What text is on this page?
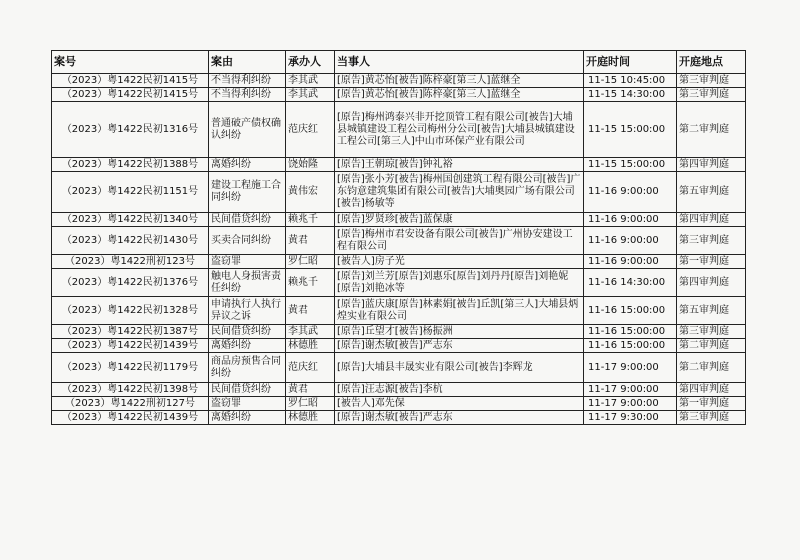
案号	案由	承办人	当事人	开庭时间	开庭地点
（2023）粤1422民初1415号	不当得利纠纷	李其武	[原告]黄芯怡[被告]陈梓豪[第三人]蓝继全	11-15 10:45:00	第三审判庭
（2023）粤1422民初1415号	不当得利纠纷	李其武	[原告]黄芯怡[被告]陈梓豪[第三人]蓝继全	11-15 14:30:00	第三审判庭
（2023）粤1422民初1316号	普通破产债权确认纠纷	范庆红	[原告]梅州鸿泰兴非开挖顶管工程有限公司[被告]大埔县城镇建设工程公司梅州分公司[被告]大埔县城镇建设工程公司[第三人]中山市环保产业有限公司	11-15 15:00:00	第二审判庭
（2023）粤1422民初1388号	离婚纠纷	饶始隆	[原告]王朝琼[被告]钟礼裕	11-15 15:00:00	第四审判庭
（2023）粤1422民初1151号	建设工程施工合同纠纷	黄伟宏	[原告]张小芳[被告]梅州国创建筑工程有限公司[被告]广东钧意建筑集团有限公司[被告]大埔奥园广场有限公司[被告]杨敏等	11-16 9:00:00	第五审判庭
（2023）粤1422民初1340号	民间借贷纠纷	赖兆千	[原告]罗贤珍[被告]蓝保康	11-16 9:00:00	第四审判庭
（2023）粤1422民初1430号	买卖合同纠纷	黄君	[原告]梅州市君安设备有限公司[被告]广州协安建设工程有限公司	11-16 9:00:00	第三审判庭
（2023）粤1422刑初123号	盗窃罪	罗仁昭	[被告人]房子光	11-16 9:00:00	第一审判庭
（2023）粤1422民初1376号	触电人身损害责任纠纷	赖兆千	[原告]刘兰芳[原告]刘惠乐[原告]刘丹丹[原告]刘艳妮[原告]刘艳冰等	11-16 14:30:00	第四审判庭
（2023）粤1422民初1328号	申请执行人执行异议之诉	黄君	[原告]蓝庆康[原告]林素娟[被告]丘凯[第三人]大埔县炳煌实业有限公司	11-16 15:00:00	第五审判庭
（2023）粤1422民初1387号	民间借贷纠纷	李其武	[原告]丘望才[被告]杨振洲	11-16 15:00:00	第三审判庭
（2023）粤1422民初1439号	离婚纠纷	林德胜	[原告]谢杰敏[被告]严志东	11-16 15:00:00	第二审判庭
（2023）粤1422民初1179号	商品房预售合同纠纷	范庆红	[原告]大埔县丰晟实业有限公司[被告]李辉龙	11-17 9:00:00	第二审判庭
（2023）粤1422民初1398号	民间借贷纠纷	黄君	[原告]汪志源[被告]李杭	11-17 9:00:00	第四审判庭
（2023）粤1422刑初127号	盗窃罪	罗仁昭	[被告人]邓先保	11-17 9:00:00	第一审判庭
（2023）粤1422民初1439号	离婚纠纷	林德胜	[原告]谢杰敏[被告]严志东	11-17 9:30:00	第三审判庭
